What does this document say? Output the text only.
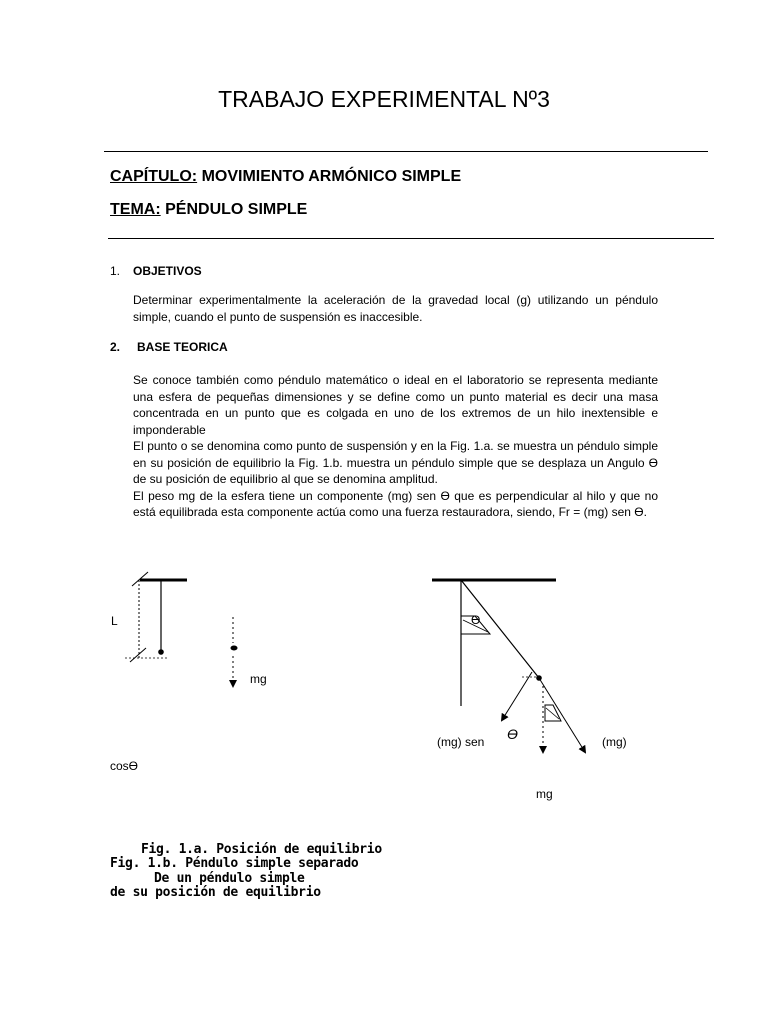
TRABAJO EXPERIMENTAL Nº3
CAPÍTULO: MOVIMIENTO ARMÓNICO SIMPLE
TEMA: PÉNDULO SIMPLE
1. OBJETIVOS
Determinar experimentalmente la aceleración de la gravedad local (g) utilizando un péndulo simple, cuando el punto de suspensión es inaccesible.
2. BASE TEORICA
Se conoce también como péndulo matemático o ideal en el laboratorio se representa mediante una esfera de pequeñas dimensiones y se define como un punto material es decir una masa concentrada en un punto que es colgada en uno de los extremos de un hilo inextensible e imponderable
El punto o se denomina como punto de suspensión y en la Fig. 1.a. se muestra un péndulo simple en su posición de equilibrio la Fig. 1.b. muestra un péndulo simple que se desplaza un Angulo ϴ de su posición de equilibrio al que se denomina amplitud.
El peso mg de la esfera tiene un componente (mg) sen ϴ que es perpendicular al hilo y que no está equilibrada esta componente actúa como una fuerza restauradora, siendo, Fr = (mg) sen ϴ.
L
mg
ϴ
(mg) sen ϴ	(mg)
cosϴ
mg
Fig. 1.a. Posición de equilibrio
Fig. 1.b. Péndulo simple separado
De un péndulo simple
de su posición de equilibrio
